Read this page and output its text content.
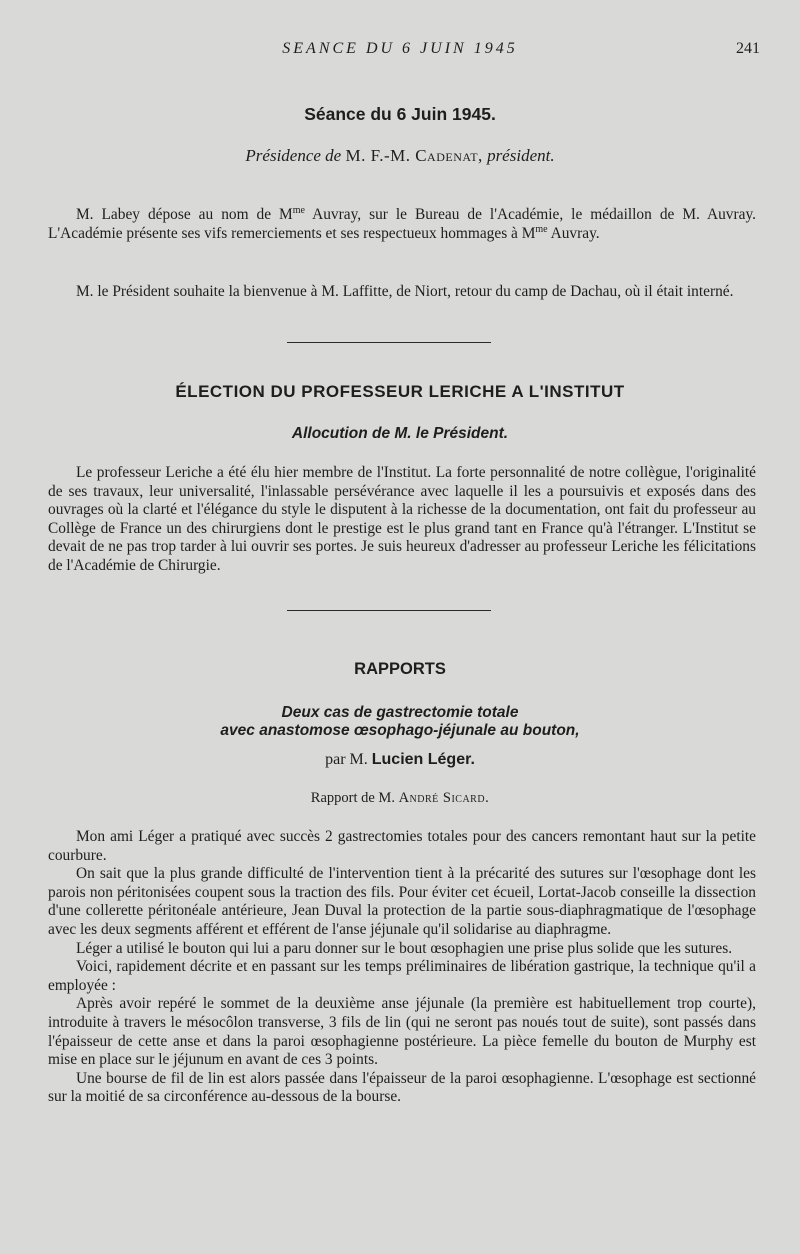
SEANCE DU 6 JUIN 1945	241
Séance du 6 Juin 1945.
Présidence de M. F.-M. Cadenat, président.

M. Labey dépose au nom de $M^{me}$ Auvray, sur le Bureau de l'Académie, le médaillon de M. Auvray. L'Académie présente ses vifs remerciements et ses respectueux hommages à $M^{me}$ Auvray.

M. le Président souhaite la bienvenue à M. Laffitte, de Niort, retour du camp de Dachau, où il était interné.

ÉLECTION DU PROFESSEUR LERICHE A L'INSTITUT
Allocution de M. le Président.

Le professeur Leriche a été élu hier membre de l'Institut. La forte personnalité de notre collègue, l'originalité de ses travaux, leur universalité, l'inlassable persévérance avec laquelle il les a poursuivis et exposés dans des ouvrages où la clarté et l'élégance du style le disputent à la richesse de la documentation, ont fait du professeur au Collège de France un des chirurgiens dont le prestige est le plus grand tant en France qu'à l'étranger. L'Institut se devait de ne pas trop tarder à lui ouvrir ses portes. Je suis heureux d'adresser au professeur Leriche les félicitations de l'Académie de Chirurgie.

RAPPORTS
Deux cas de gastrectomie totale
avec anastomose œsophago-jéjunale au bouton,
par M. Lucien Léger.
Rapport de M. André Sicard.

Mon ami Léger a pratiqué avec succès 2 gastrectomies totales pour des cancers remontant haut sur la petite courbure.

On sait que la plus grande difficulté de l'intervention tient à la précarité des sutures sur l'œsophage dont les parois non péritonisées coupent sous la traction des fils. Pour éviter cet écueil, Lortat-Jacob conseille la dissection d'une collerette péritonéale antérieure, Jean Duval la protection de la partie sous-diaphragmatique de l'œsophage avec les deux segments afférent et efférent de l'anse jéjunale qu'il solidarise au diaphragme.

Léger a utilisé le bouton qui lui a paru donner sur le bout œsophagien une prise plus solide que les sutures.

Voici, rapidement décrite et en passant sur les temps préliminaires de libération gastrique, la technique qu'il a employée :

Après avoir repéré le sommet de la deuxième anse jéjunale (la première est habituellement trop courte), introduite à travers le mésocôlon transverse, 3 fils de lin (qui ne seront pas noués tout de suite), sont passés dans l'épaisseur de cette anse et dans la paroi œsophagienne postérieure. La pièce femelle du bouton de Murphy est mise en place sur le jéjunum en avant de ces 3 points.

Une bourse de fil de lin est alors passée dans l'épaisseur de la paroi œsophagienne. L'œsophage est sectionné sur la moitié de sa circonférence au-dessous de la bourse.
